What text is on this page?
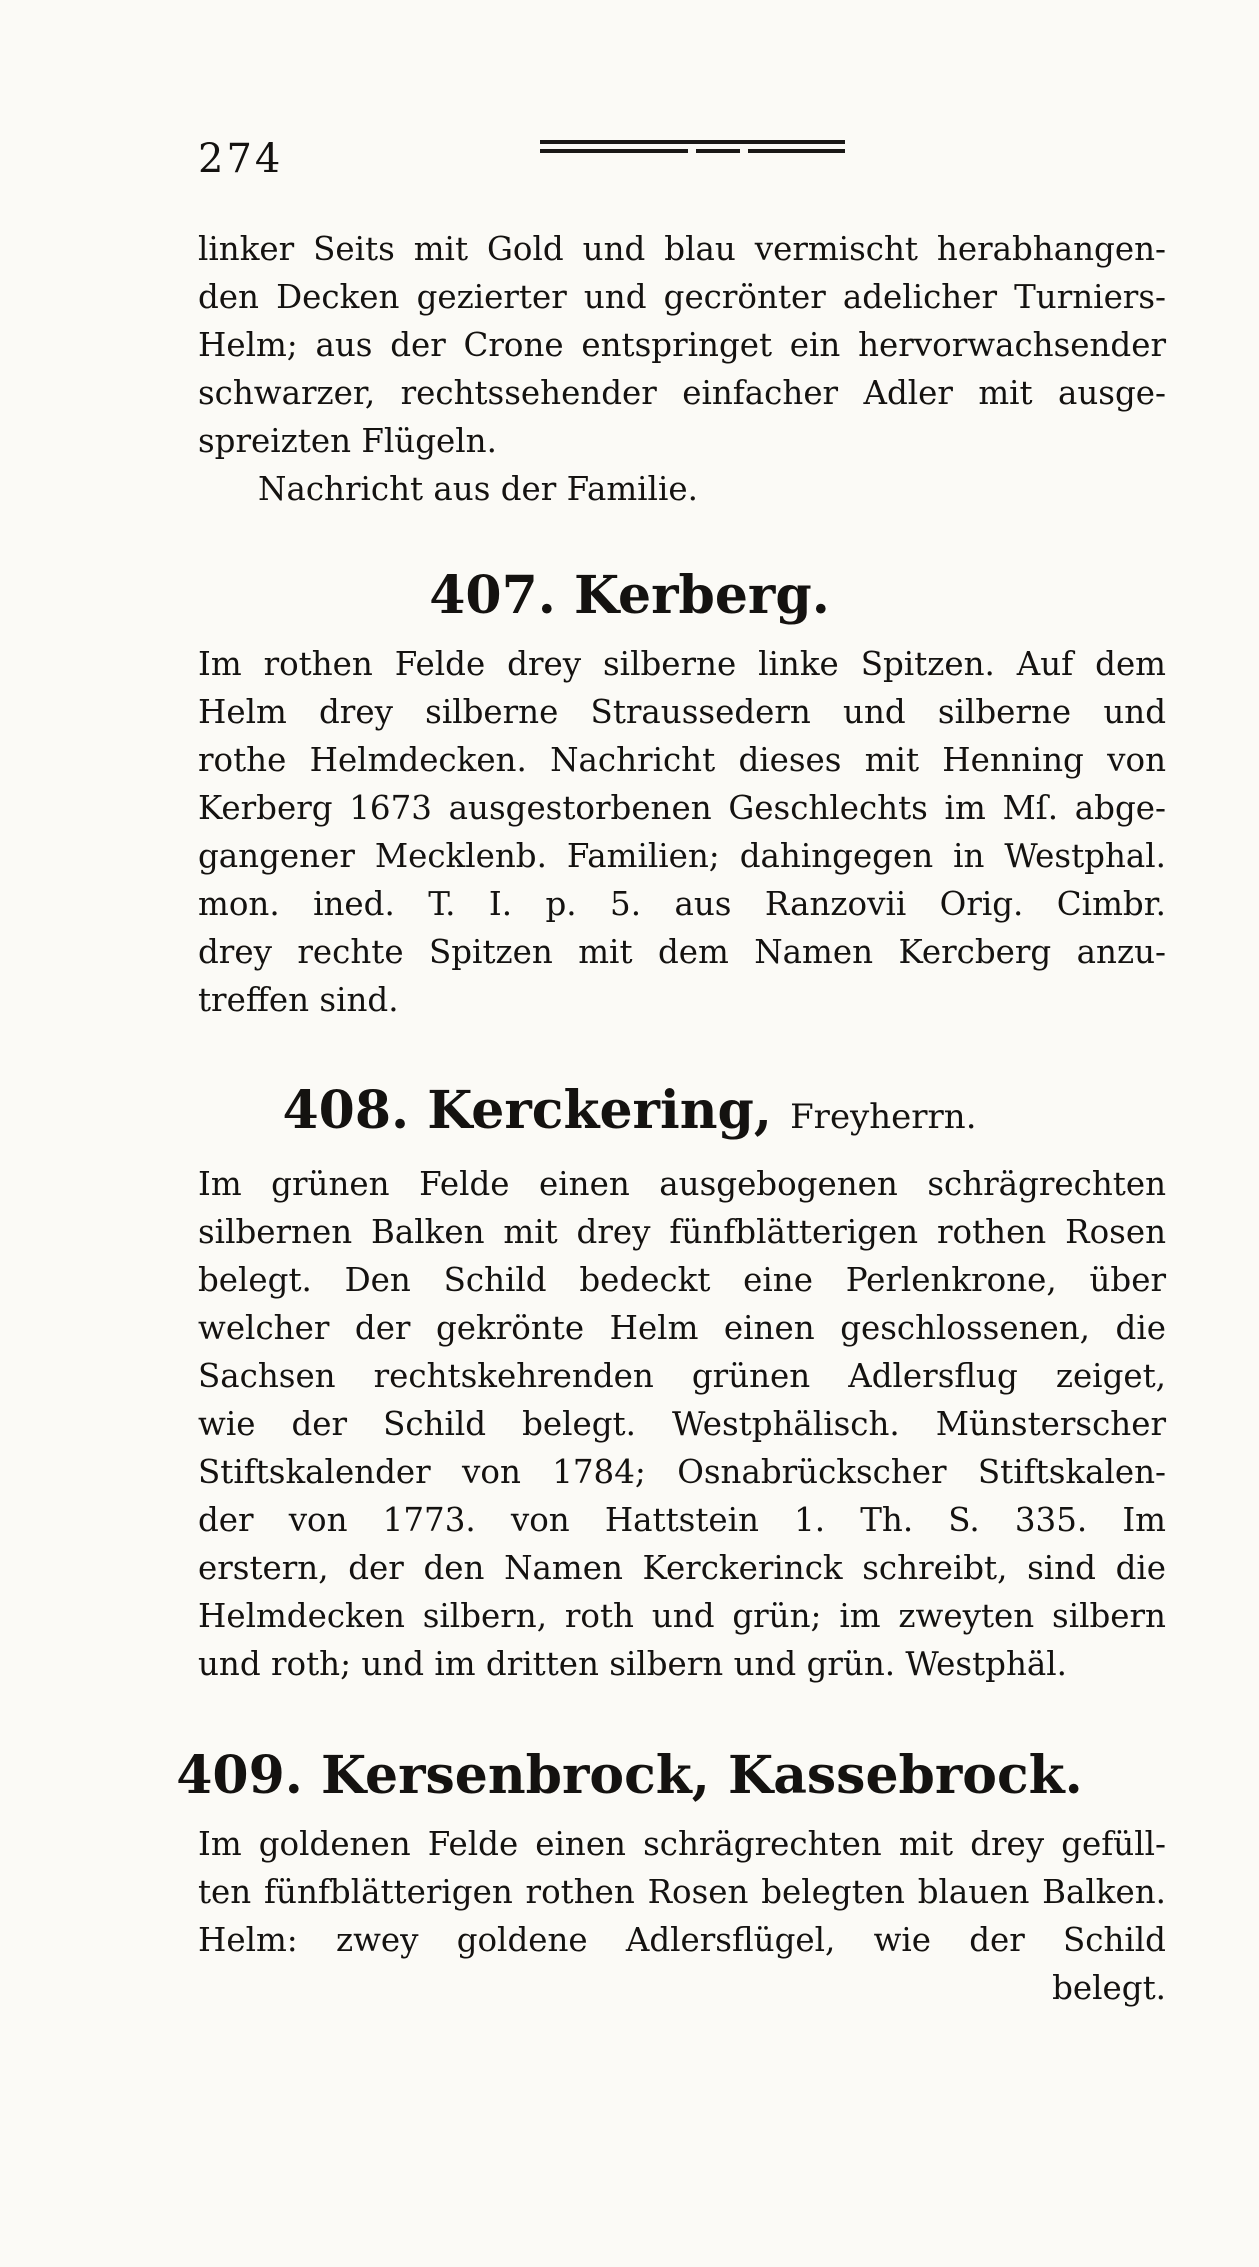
274
linker Seits mit Gold und blau vermischt herabhangen-
den Decken gezierter und gecrönter adelicher Turniers-
Helm; aus der Crone entspringet ein hervorwachsender
schwarzer, rechtssehender einfacher Adler mit ausge-
spreizten Flügeln.
Nachricht aus der Familie.
407. Kerberg.
Im rothen Felde drey silberne linke Spitzen. Auf dem
Helm drey silberne Straussedern und silberne und
rothe Helmdecken. Nachricht dieses mit Henning von
Kerberg 1673 ausgestorbenen Geschlechts im Mſ. abge-
gangener Mecklenb. Familien; dahingegen in Westphal.
mon. ined. T. I. p. 5. aus Ranzovii Orig. Cimbr.
drey rechte Spitzen mit dem Namen Kercberg anzu-
treffen sind.
408. Kerckering, Freyherrn.
Im grünen Felde einen ausgebogenen schrägrechten
silbernen Balken mit drey fünfblätterigen rothen Rosen
belegt. Den Schild bedeckt eine Perlenkrone, über
welcher der gekrönte Helm einen geschlossenen, die
Sachsen rechtskehrenden grünen Adlersflug zeiget,
wie der Schild belegt. Westphälisch. Münsterscher
Stiftskalender von 1784; Osnabrückscher Stiftskalen-
der von 1773. von Hattstein 1. Th. S. 335. Im
erstern, der den Namen Kerckerinck schreibt, sind die
Helmdecken silbern, roth und grün; im zweyten silbern
und roth; und im dritten silbern und grün. Westphäl.
409. Kersenbrock, Kassebrock.
Im goldenen Felde einen schrägrechten mit drey gefüll-
ten fünfblätterigen rothen Rosen belegten blauen Balken.
Helm: zwey goldene Adlersflügel, wie der Schild
belegt.
